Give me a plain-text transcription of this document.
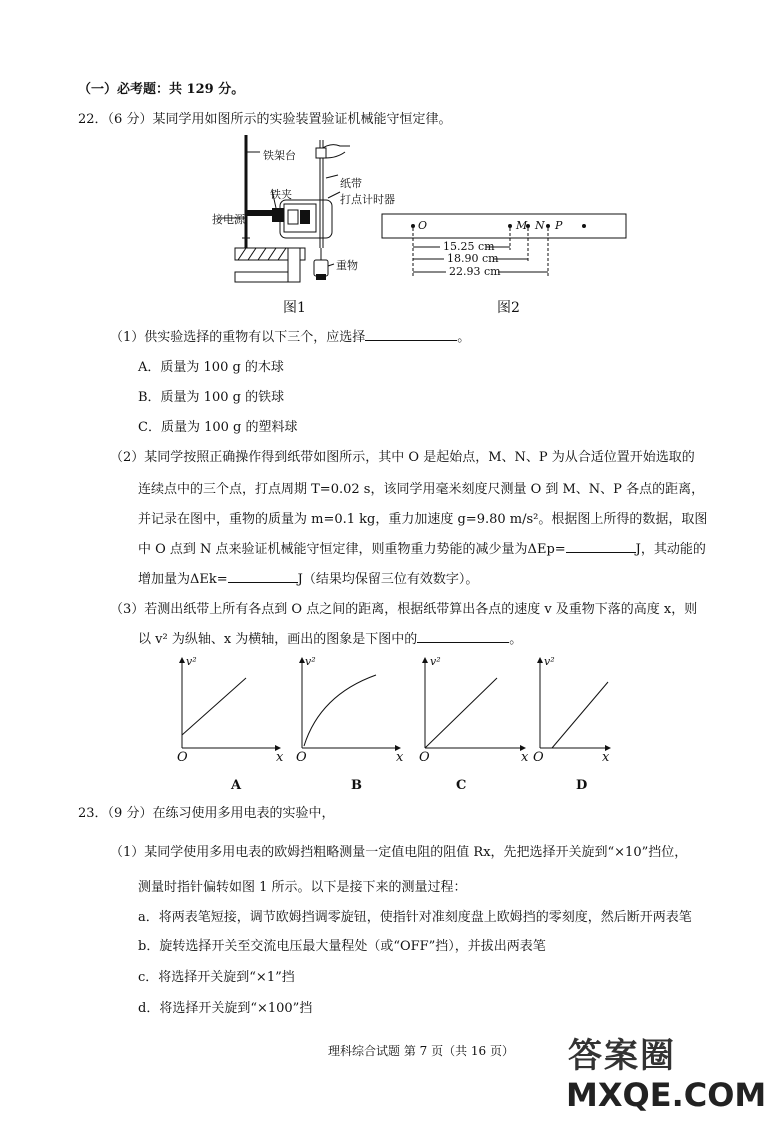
（一）必考题：共 129 分。
22．（6 分）某同学用如图所示的实验装置验证机械能守恒定律。
铁架台
铁夹
纸带
打点计时器
接电源
重物
图1
O	M N P
15.25 cm
18.90 cm
22.93 cm
图2
（1）供实验选择的重物有以下三个，应选择	。
A．质量为 100 g 的木球
B．质量为 100 g 的铁球
C．质量为 100 g 的塑料球
（2）某同学按照正确操作得到纸带如图所示，其中 O 是起始点，M、N、P 为从合适位置开始选取的
连续点中的三个点，打点周期 T=0.02 s，该同学用毫米刻度尺测量 O 到 M、N、P 各点的距离，
并记录在图中，重物的质量为 m=0.1 kg，重力加速度 g=9.80 m/s²。根据图上所得的数据，取图
中 O 点到 N 点来验证机械能守恒定律，则重物重力势能的减少量为ΔEp=	J，其动能的
增加量为ΔEk=	J（结果均保留三位有效数字）。
（3）若测出纸带上所有各点到 O 点之间的距离，根据纸带算出各点的速度 v 及重物下落的高度 x，则
以 v² 为纵轴、x 为横轴，画出的图象是下图中的	。
v²	v²	v²	v²
O	O	O	O
x	x	x	x
A	B	C	D
23．（9 分）在练习使用多用电表的实验中，
（1）某同学使用多用电表的欧姆挡粗略测量一定值电阻的阻值 Rx，先把选择开关旋到“×10”挡位，
测量时指针偏转如图 1 所示。以下是接下来的测量过程：
a．将两表笔短接，调节欧姆挡调零旋钮，使指针对准刻度盘上欧姆挡的零刻度，然后断开两表笔
b．旋转选择开关至交流电压最大量程处（或“OFF”挡），并拔出两表笔
c．将选择开关旋到“×1”挡
d．将选择开关旋到“×100”挡
理科综合试题 第 7 页（共 16 页） 答案圈
MXQE.COM
